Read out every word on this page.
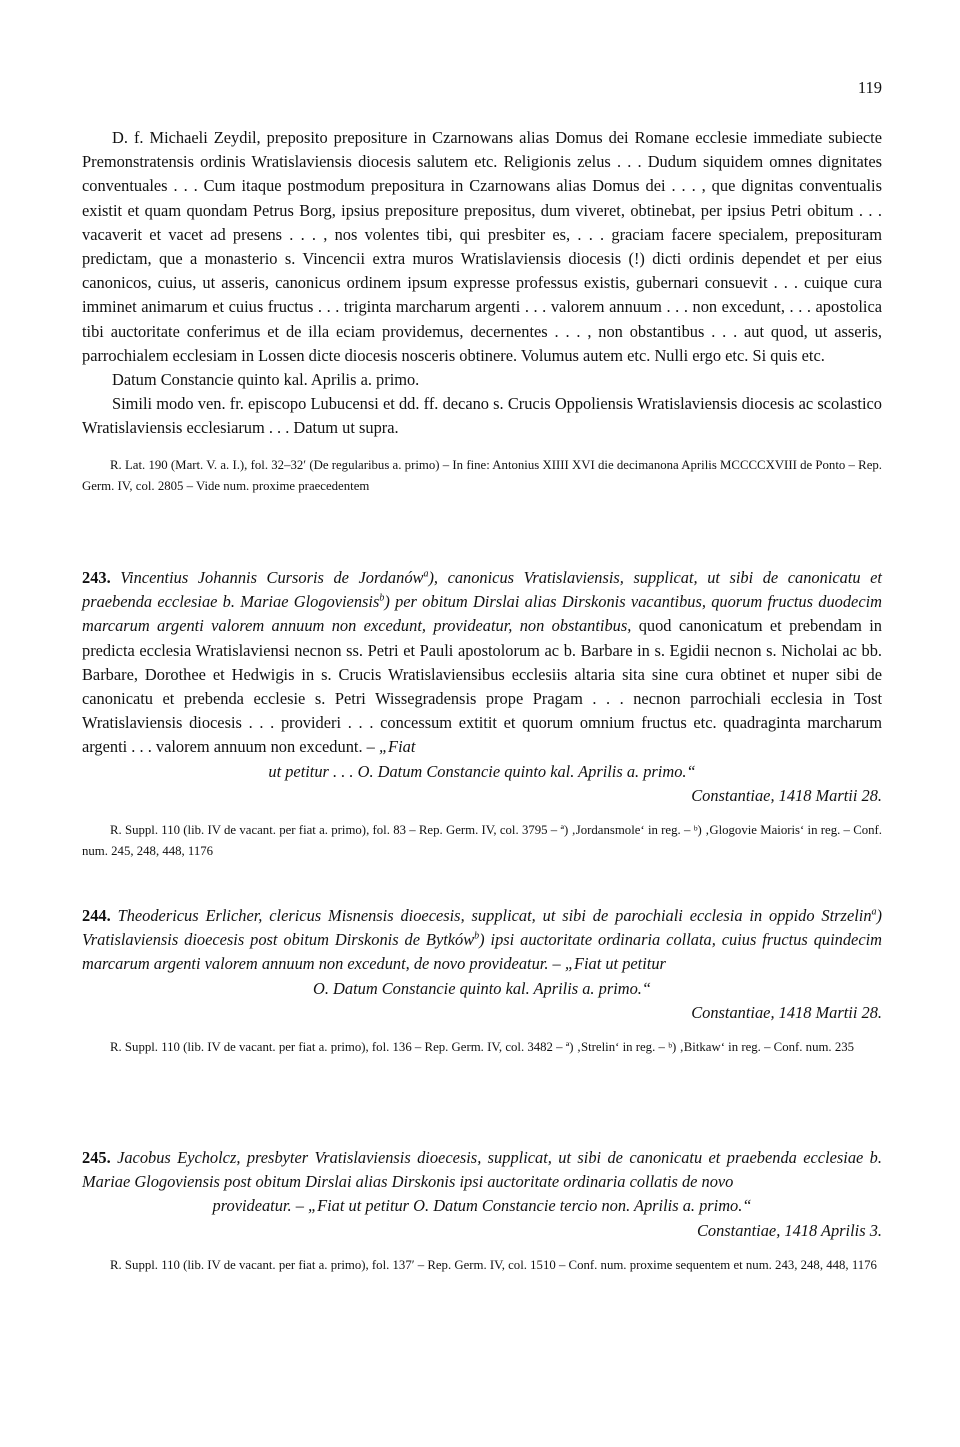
119

D. f. Michaeli Zeydil, preposito prepositure in Czarnowans alias Domus dei Romane ecclesie immediate subiecte Premonstratensis ordinis Wratislaviensis diocesis salutem etc. Religionis zelus . . . Dudum siquidem omnes dignitates conventuales . . . Cum itaque postmodum prepositura in Czarnowans alias Domus dei . . . , que dignitas conventualis existit et quam quondam Petrus Borg, ipsius prepositure prepositus, dum viveret, obtinebat, per ipsius Petri obitum . . . vacaverit et vacet ad presens . . . , nos volentes tibi, qui presbiter es, . . . graciam facere specialem, preposituram predictam, que a monasterio s. Vincencii extra muros Wratislaviensis diocesis (!) dicti ordinis dependet et per eius canonicos, cuius, ut asseris, canonicus ordinem ipsum expresse professus existis, gubernari consuevit . . . cuique cura imminet animarum et cuius fructus . . . triginta marcharum argenti . . . valorem annuum . . . non excedunt, . . . apostolica tibi auctoritate conferimus et de illa eciam providemus, decernentes . . . , non obstantibus . . . aut quod, ut asseris, parrochialem ecclesiam in Lossen dicte diocesis nosceris obtinere. Volumus autem etc. Nulli ergo etc. Si quis etc.

Datum Constancie quinto kal. Aprilis a. primo.

Simili modo ven. fr. episcopo Lubucensi et dd. ff. decano s. Crucis Oppoliensis Wratislaviensis diocesis ac scolastico Wratislaviensis ecclesiarum . . . Datum ut supra.

R. Lat. 190 (Mart. V. a. I.), fol. 32–32′ (De regularibus a. primo) – In fine: Antonius XIIII XVI die decimanona Aprilis MCCCCXVIII de Ponto – Rep. Germ. IV, col. 2805 – Vide num. proxime praecedentem

243. Vincentius Johannis Cursoris de Jordanów$^a$), canonicus Vratislaviensis, supplicat, ut sibi de canonicatu et praebenda ecclesiae b. Mariae Glogoviensis$^b$) per obitum Dirslai alias Dirskonis vacantibus, quorum fructus duodecim marcarum argenti valorem annuum non excedunt, provideatur, non obstantibus, quod canonicatum et prebendam in predicta ecclesia Wratislaviensi necnon ss. Petri et Pauli apostolorum ac b. Barbare in s. Egidii necnon s. Nicholai ac bb. Barbare, Dorothee et Hedwigis in s. Crucis Wratislaviensibus ecclesiis altaria sita sine cura obtinet et nuper sibi de canonicatu et prebenda ecclesie s. Petri Wissegradensis prope Pragam . . . necnon parrochiali ecclesia in Tost Wratislaviensis diocesis . . . provideri . . . concessum extitit et quorum omnium fructus etc. quadraginta marcharum argenti . . . valorem annuum non excedunt. – „Fiat

ut petitur . . . O. Datum Constancie quinto kal. Aprilis a. primo.“

Constantiae, 1418 Martii 28.

R. Suppl. 110 (lib. IV de vacant. per fiat a. primo), fol. 83 – Rep. Germ. IV, col. 3795 – ª) ‚Jordansmole‘ in reg. – ᵇ) ‚Glogovie Maioris‘ in reg. – Conf. num. 245, 248, 448, 1176

244. Theodericus Erlicher, clericus Misnensis dioecesis, supplicat, ut sibi de parochiali ecclesia in oppido Strzelin$^a$) Vratislaviensis dioecesis post obitum Dirskonis de Bytków$^b$) ipsi auctoritate ordinaria collata, cuius fructus quindecim marcarum argenti valorem annuum non excedunt, de novo provideatur. – „Fiat ut petitur

O. Datum Constancie quinto kal. Aprilis a. primo.“

Constantiae, 1418 Martii 28.

R. Suppl. 110 (lib. IV de vacant. per fiat a. primo), fol. 136 – Rep. Germ. IV, col. 3482 – ª) ‚Strelin‘ in reg. – ᵇ) ‚Bitkaw‘ in reg. – Conf. num. 235

245. Jacobus Eycholcz, presbyter Vratislaviensis dioecesis, supplicat, ut sibi de canonicatu et praebenda ecclesiae b. Mariae Glogoviensis post obitum Dirslai alias Dirskonis ipsi auctoritate ordinaria collatis de novo

provideatur. – „Fiat ut petitur O. Datum Constancie tercio non. Aprilis a. primo.“

Constantiae, 1418 Aprilis 3.

R. Suppl. 110 (lib. IV de vacant. per fiat a. primo), fol. 137′ – Rep. Germ. IV, col. 1510 – Conf. num. proxime sequentem et num. 243, 248, 448, 1176
